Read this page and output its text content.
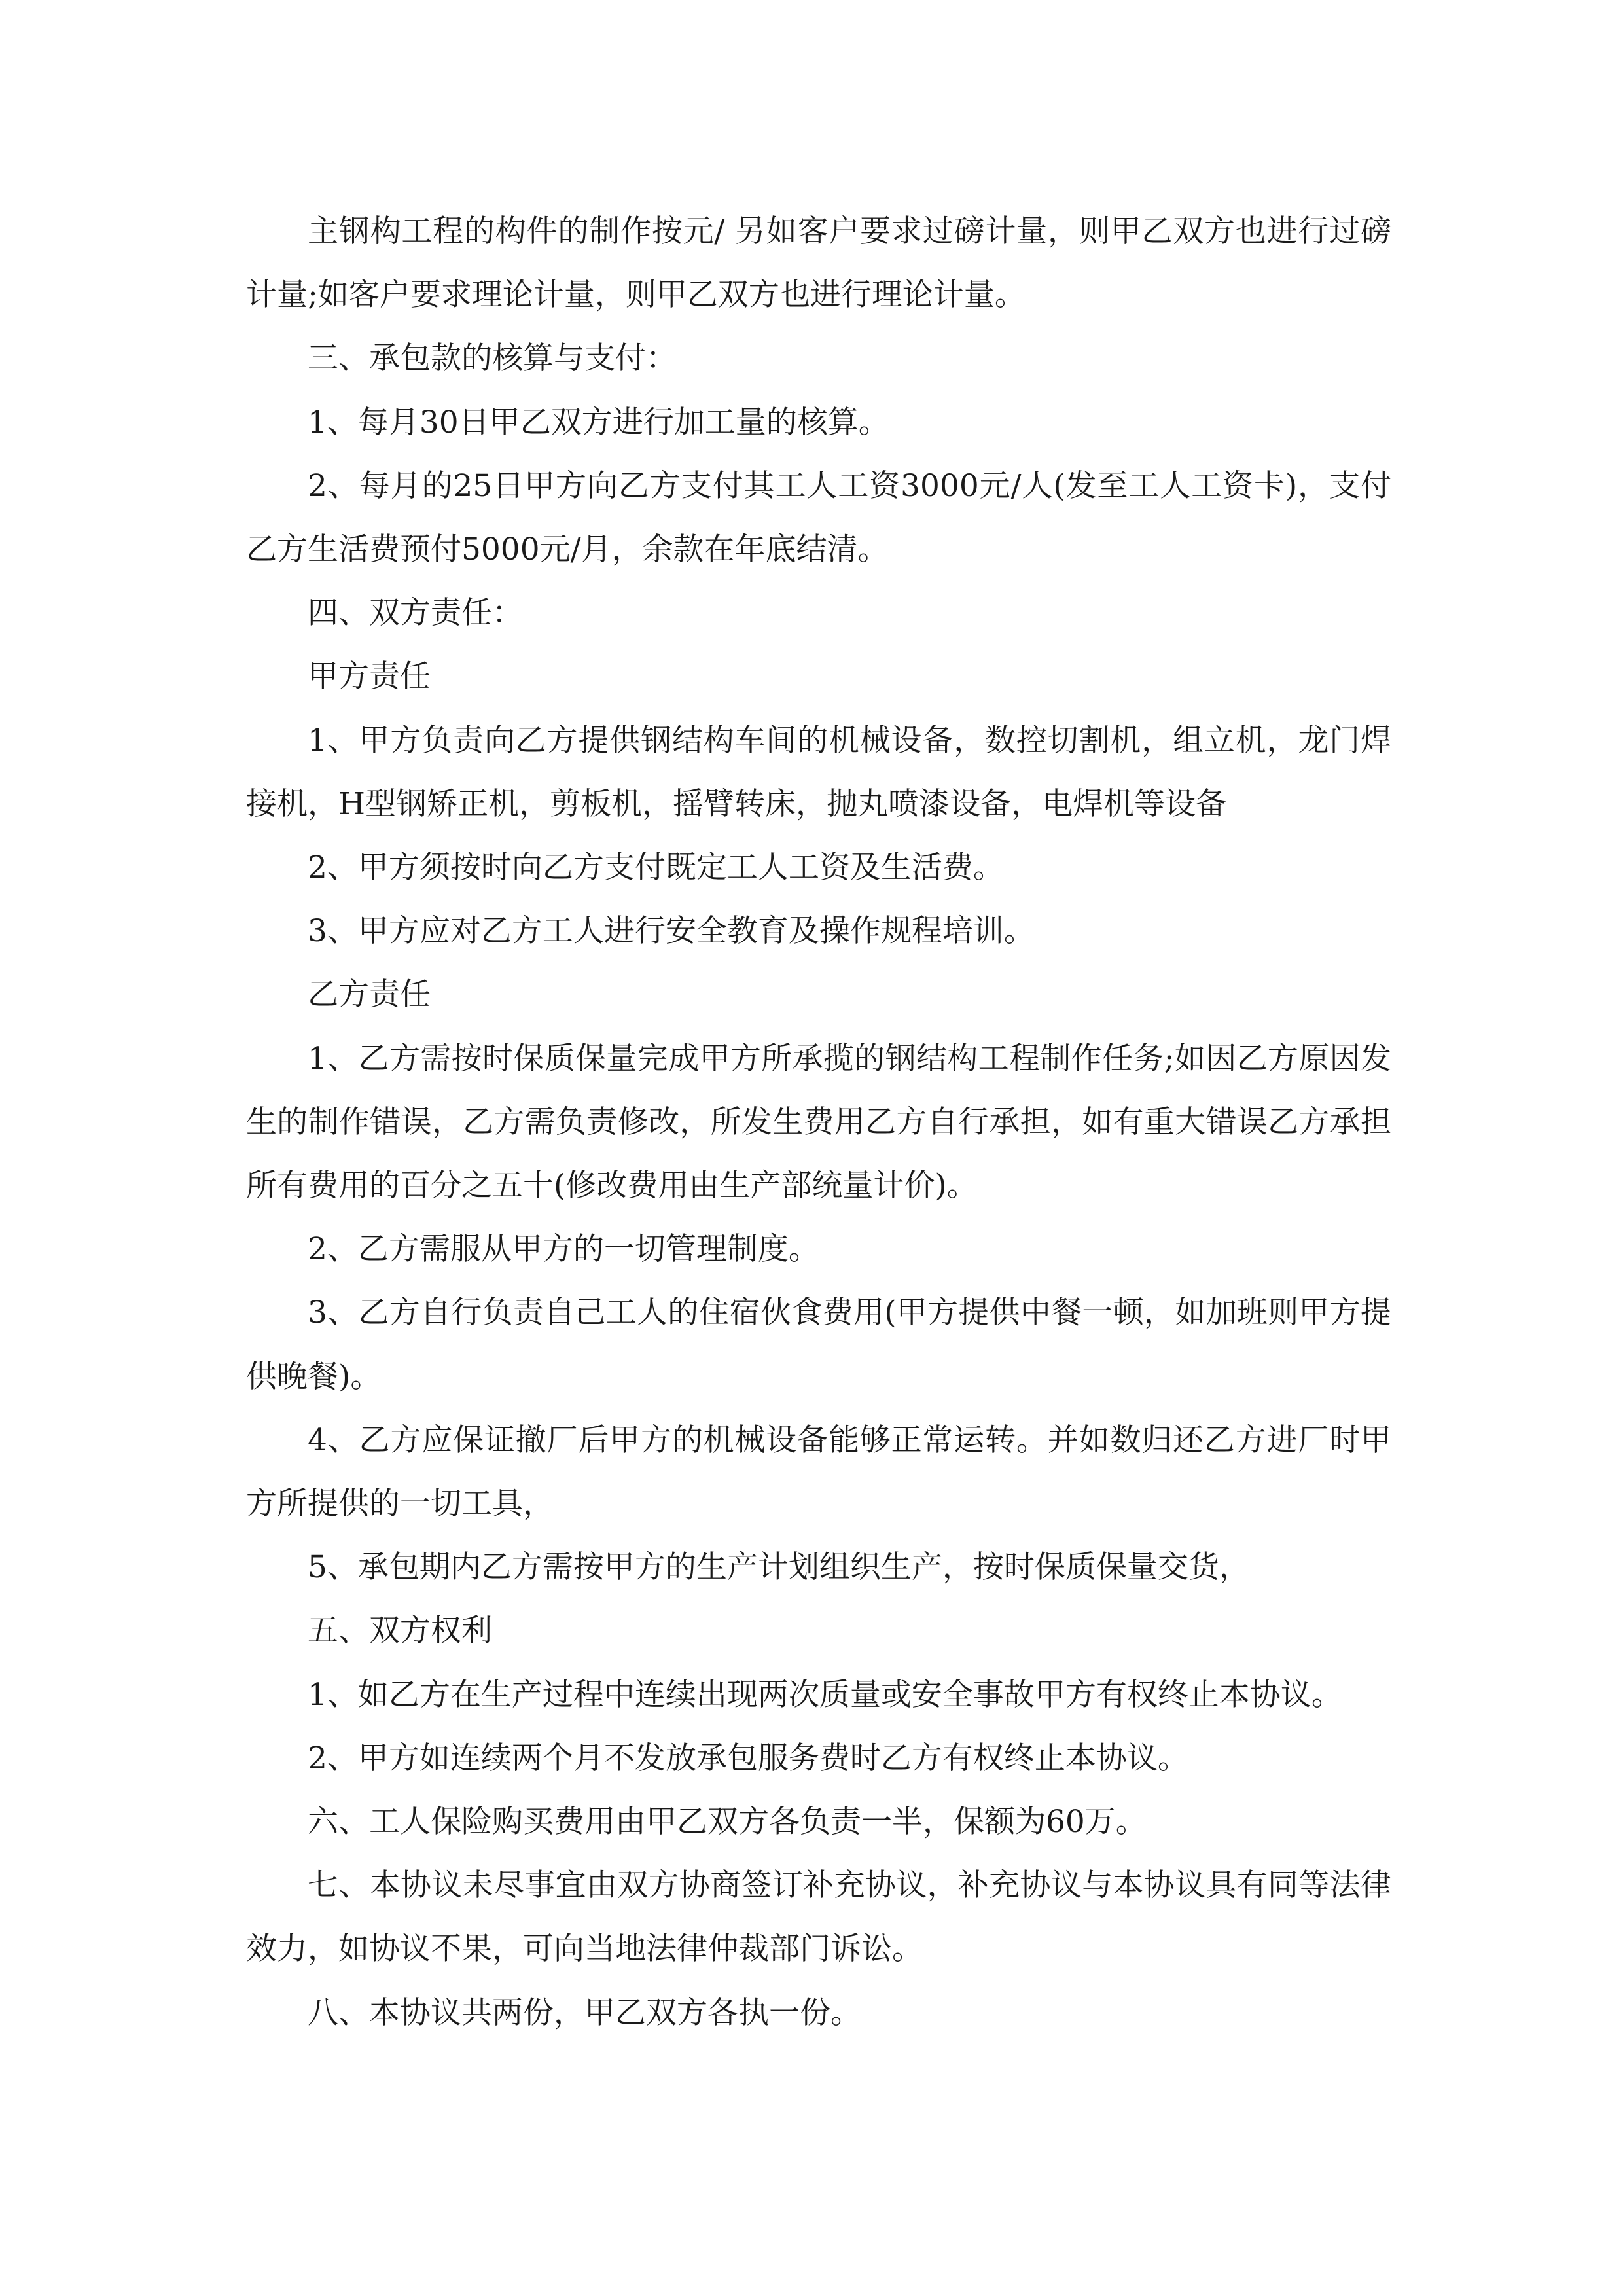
主钢构工程的构件的制作按元/ 另如客户要求过磅计量，则甲乙双方也进行过磅计量;如客户要求理论计量，则甲乙双方也进行理论计量。

三、承包款的核算与支付：

1、每月30日甲乙双方进行加工量的核算。

2、每月的25日甲方向乙方支付其工人工资3000元/人(发至工人工资卡)，支付乙方生活费预付5000元/月，余款在年底结清。

四、双方责任：

甲方责任

1、甲方负责向乙方提供钢结构车间的机械设备，数控切割机，组立机，龙门焊接机，H型钢矫正机，剪板机，摇臂转床，抛丸喷漆设备，电焊机等设备

2、甲方须按时向乙方支付既定工人工资及生活费。

3、甲方应对乙方工人进行安全教育及操作规程培训。

乙方责任

1、乙方需按时保质保量完成甲方所承揽的钢结构工程制作任务;如因乙方原因发生的制作错误，乙方需负责修改，所发生费用乙方自行承担，如有重大错误乙方承担所有费用的百分之五十(修改费用由生产部统量计价)。

2、乙方需服从甲方的一切管理制度。

3、乙方自行负责自己工人的住宿伙食费用(甲方提供中餐一顿，如加班则甲方提供晚餐)。

4、乙方应保证撤厂后甲方的机械设备能够正常运转。并如数归还乙方进厂时甲方所提供的一切工具，

5、承包期内乙方需按甲方的生产计划组织生产，按时保质保量交货，

五、双方权利

1、如乙方在生产过程中连续出现两次质量或安全事故甲方有权终止本协议。

2、甲方如连续两个月不发放承包服务费时乙方有权终止本协议。

六、工人保险购买费用由甲乙双方各负责一半，保额为60万。

七、本协议未尽事宜由双方协商签订补充协议，补充协议与本协议具有同等法律效力，如协议不果，可向当地法律仲裁部门诉讼。

八、本协议共两份，甲乙双方各执一份。
